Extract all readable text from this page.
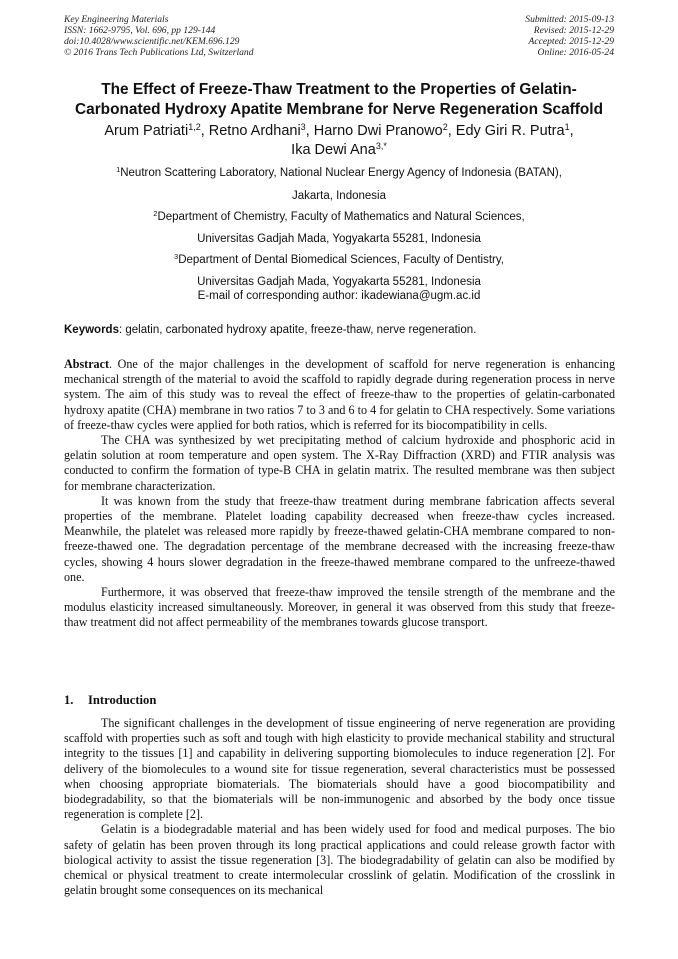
Key Engineering Materials
ISSN: 1662-9795, Vol. 696, pp 129-144
doi:10.4028/www.scientific.net/KEM.696.129
© 2016 Trans Tech Publications Ltd, Switzerland
Submitted: 2015-09-13
Revised: 2015-12-29
Accepted: 2015-12-29
Online: 2016-05-24
The Effect of Freeze-Thaw Treatment to the Properties of Gelatin-
Carbonated Hydroxy Apatite Membrane for Nerve Regeneration Scaffold
Arum Patriati$^{1,2}$, Retno Ardhani$^3$, Harno Dwi Pranowo$^2$, Edy Giri R. Putra$^1$,
Ika Dewi Ana$^{3,*}$
$^1$Neutron Scattering Laboratory, National Nuclear Energy Agency of Indonesia (BATAN),
Jakarta, Indonesia
$^2$Department of Chemistry, Faculty of Mathematics and Natural Sciences,
Universitas Gadjah Mada, Yogyakarta 55281, Indonesia
$^3$Department of Dental Biomedical Sciences, Faculty of Dentistry,
Universitas Gadjah Mada, Yogyakarta 55281, Indonesia
E-mail of corresponding author: ikadewiana@ugm.ac.id
Keywords: gelatin, carbonated hydroxy apatite, freeze-thaw, nerve regeneration.

Abstract. One of the major challenges in the development of scaffold for nerve regeneration is enhancing mechanical strength of the material to avoid the scaffold to rapidly degrade during regeneration process in nerve system. The aim of this study was to reveal the effect of freeze-thaw to the properties of gelatin-carbonated hydroxy apatite (CHA) membrane in two ratios 7 to 3 and 6 to 4 for gelatin to CHA respectively. Some variations of freeze-thaw cycles were applied for both ratios, which is referred for its biocompatibility in cells.

The CHA was synthesized by wet precipitating method of calcium hydroxide and phosphoric acid in gelatin solution at room temperature and open system. The X-Ray Diffraction (XRD) and FTIR analysis was conducted to confirm the formation of type-B CHA in gelatin matrix. The resulted membrane was then subject for membrane characterization.

It was known from the study that freeze-thaw treatment during membrane fabrication affects several properties of the membrane. Platelet loading capability decreased when freeze-thaw cycles increased. Meanwhile, the platelet was released more rapidly by freeze-thawed gelatin-CHA membrane compared to non-freeze-thawed one. The degradation percentage of the membrane decreased with the increasing freeze-thaw cycles, showing 4 hours slower degradation in the freeze-thawed membrane compared to the unfreeze-thawed one.

Furthermore, it was observed that freeze-thaw improved the tensile strength of the membrane and the modulus elasticity increased simultaneously. Moreover, in general it was observed from this study that freeze-thaw treatment did not affect permeability of the membranes towards glucose transport.

1. Introduction

The significant challenges in the development of tissue engineering of nerve regeneration are providing scaffold with properties such as soft and tough with high elasticity to provide mechanical stability and structural integrity to the tissues [1] and capability in delivering supporting biomolecules to induce regeneration [2]. For delivery of the biomolecules to a wound site for tissue regeneration, several characteristics must be possessed when choosing appropriate biomaterials. The biomaterials should have a good biocompatibility and biodegradability, so that the biomaterials will be non-immunogenic and absorbed by the body once tissue regeneration is complete [2].

Gelatin is a biodegradable material and has been widely used for food and medical purposes. The bio safety of gelatin has been proven through its long practical applications and could release growth factor with biological activity to assist the tissue regeneration [3]. The biodegradability of gelatin can also be modified by chemical or physical treatment to create intermolecular crosslink of gelatin. Modification of the crosslink in gelatin brought some consequences on its mechanical
